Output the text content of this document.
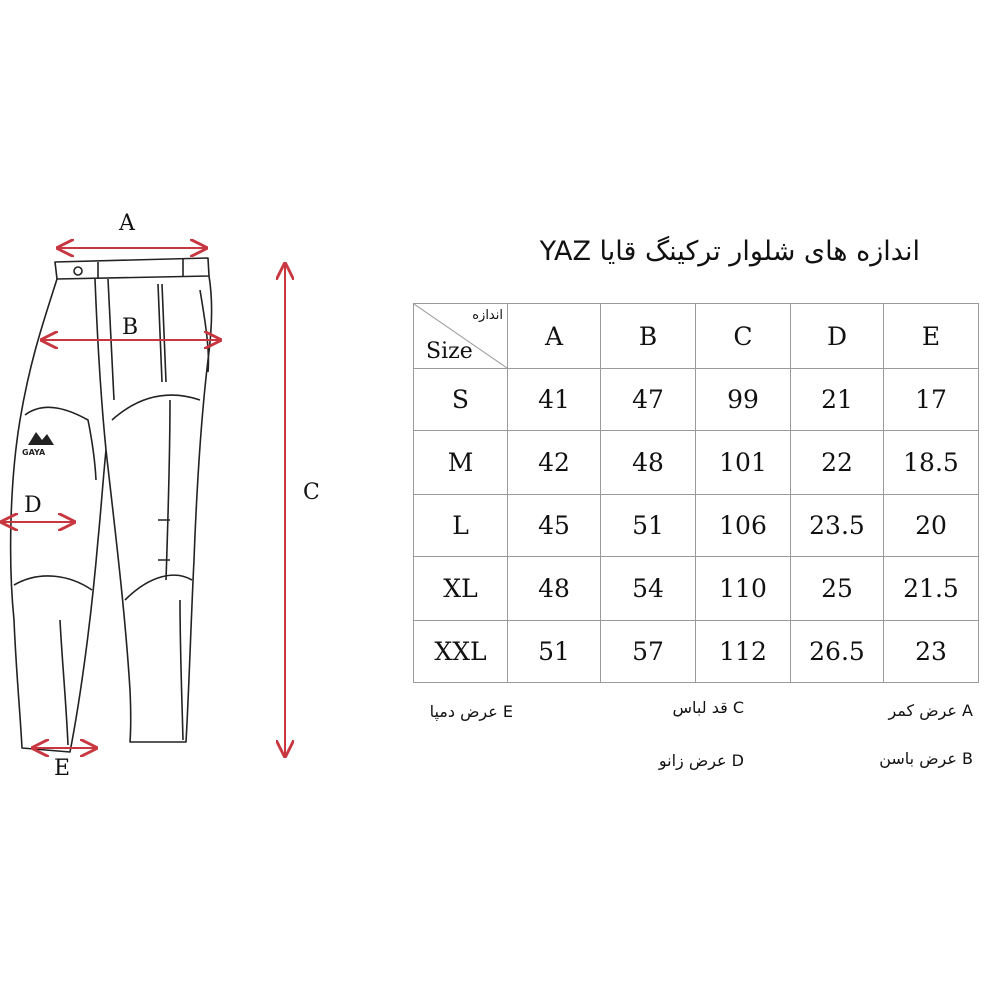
GAYA
A
B
C
D
E
اندازه های شلوار ترکینگ قایا YAZ
اندازه
Size	A	B	C	D	E
S	41	47	99	21	17
M	42	48	101	22	18.5
L	45	51	106	23.5	20
XL	48	54	110	25	21.5
XXL	51	57	112	26.5	23
A عرض کمر
B عرض باسن
C قد لباس
D عرض زانو
E عرض دمپا
